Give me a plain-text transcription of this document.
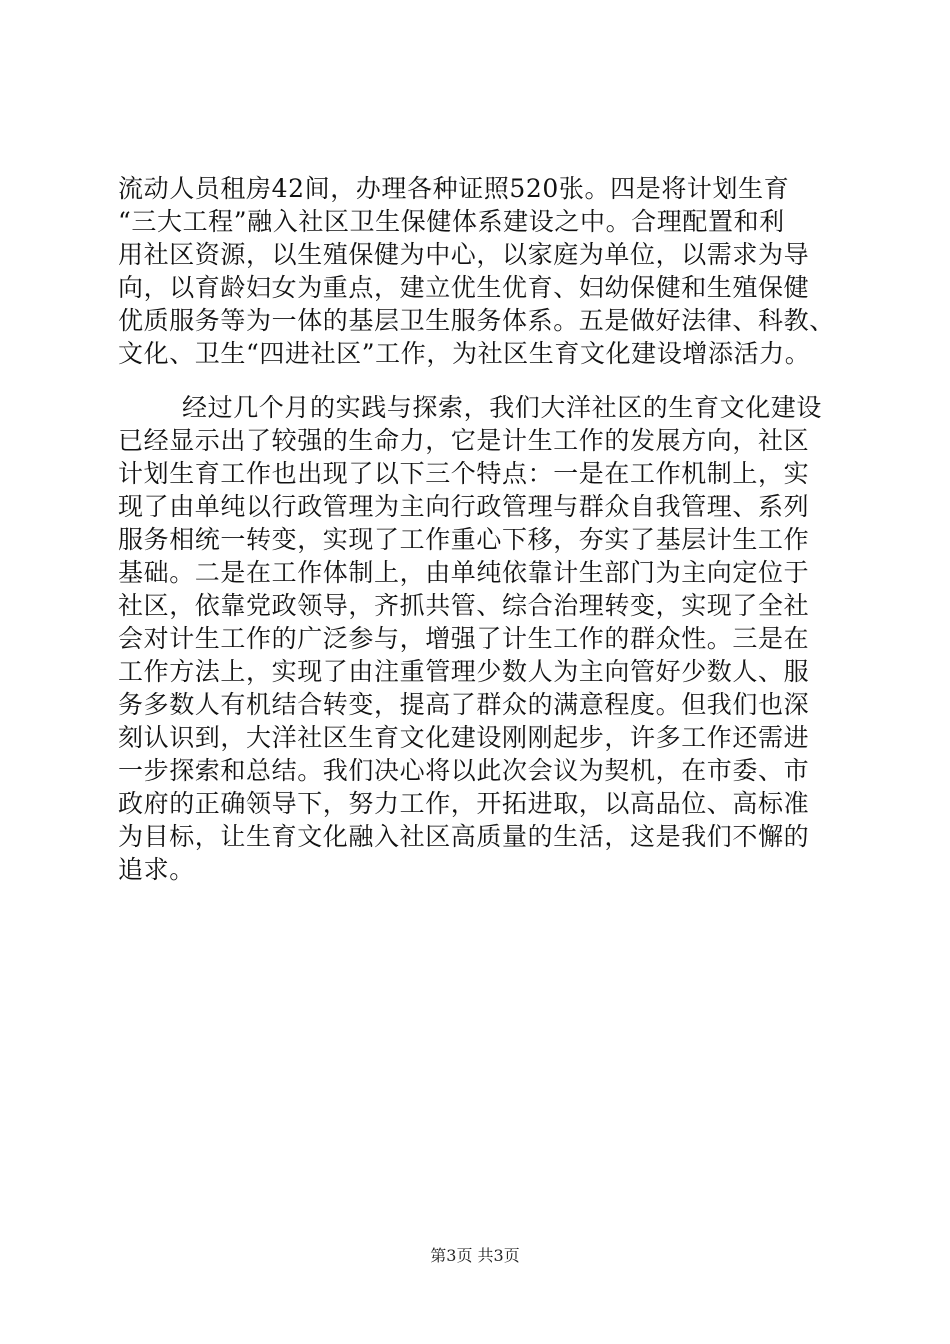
流动人员租房42间，办理各种证照520张。四是将计划生育
“三大工程”融入社区卫生保健体系建设之中。合理配置和利
用社区资源，以生殖保健为中心，以家庭为单位，以需求为导
向，以育龄妇女为重点，建立优生优育、妇幼保健和生殖保健
优质服务等为一体的基层卫生服务体系。五是做好法律、科教、
文化、卫生“四进社区”工作，为社区生育文化建设增添活力。
经过几个月的实践与探索，我们大洋社区的生育文化建设
已经显示出了较强的生命力，它是计生工作的发展方向，社区
计划生育工作也出现了以下三个特点：一是在工作机制上，实
现了由单纯以行政管理为主向行政管理与群众自我管理、系列
服务相统一转变，实现了工作重心下移，夯实了基层计生工作
基础。二是在工作体制上，由单纯依靠计生部门为主向定位于
社区，依靠党政领导，齐抓共管、综合治理转变，实现了全社
会对计生工作的广泛参与，增强了计生工作的群众性。三是在
工作方法上，实现了由注重管理少数人为主向管好少数人、服
务多数人有机结合转变，提高了群众的满意程度。但我们也深
刻认识到，大洋社区生育文化建设刚刚起步，许多工作还需进
一步探索和总结。我们决心将以此次会议为契机，在市委、市
政府的正确领导下，努力工作，开拓进取，以高品位、高标准
为目标，让生育文化融入社区高质量的生活，这是我们不懈的
追求。
第3页 共3页
